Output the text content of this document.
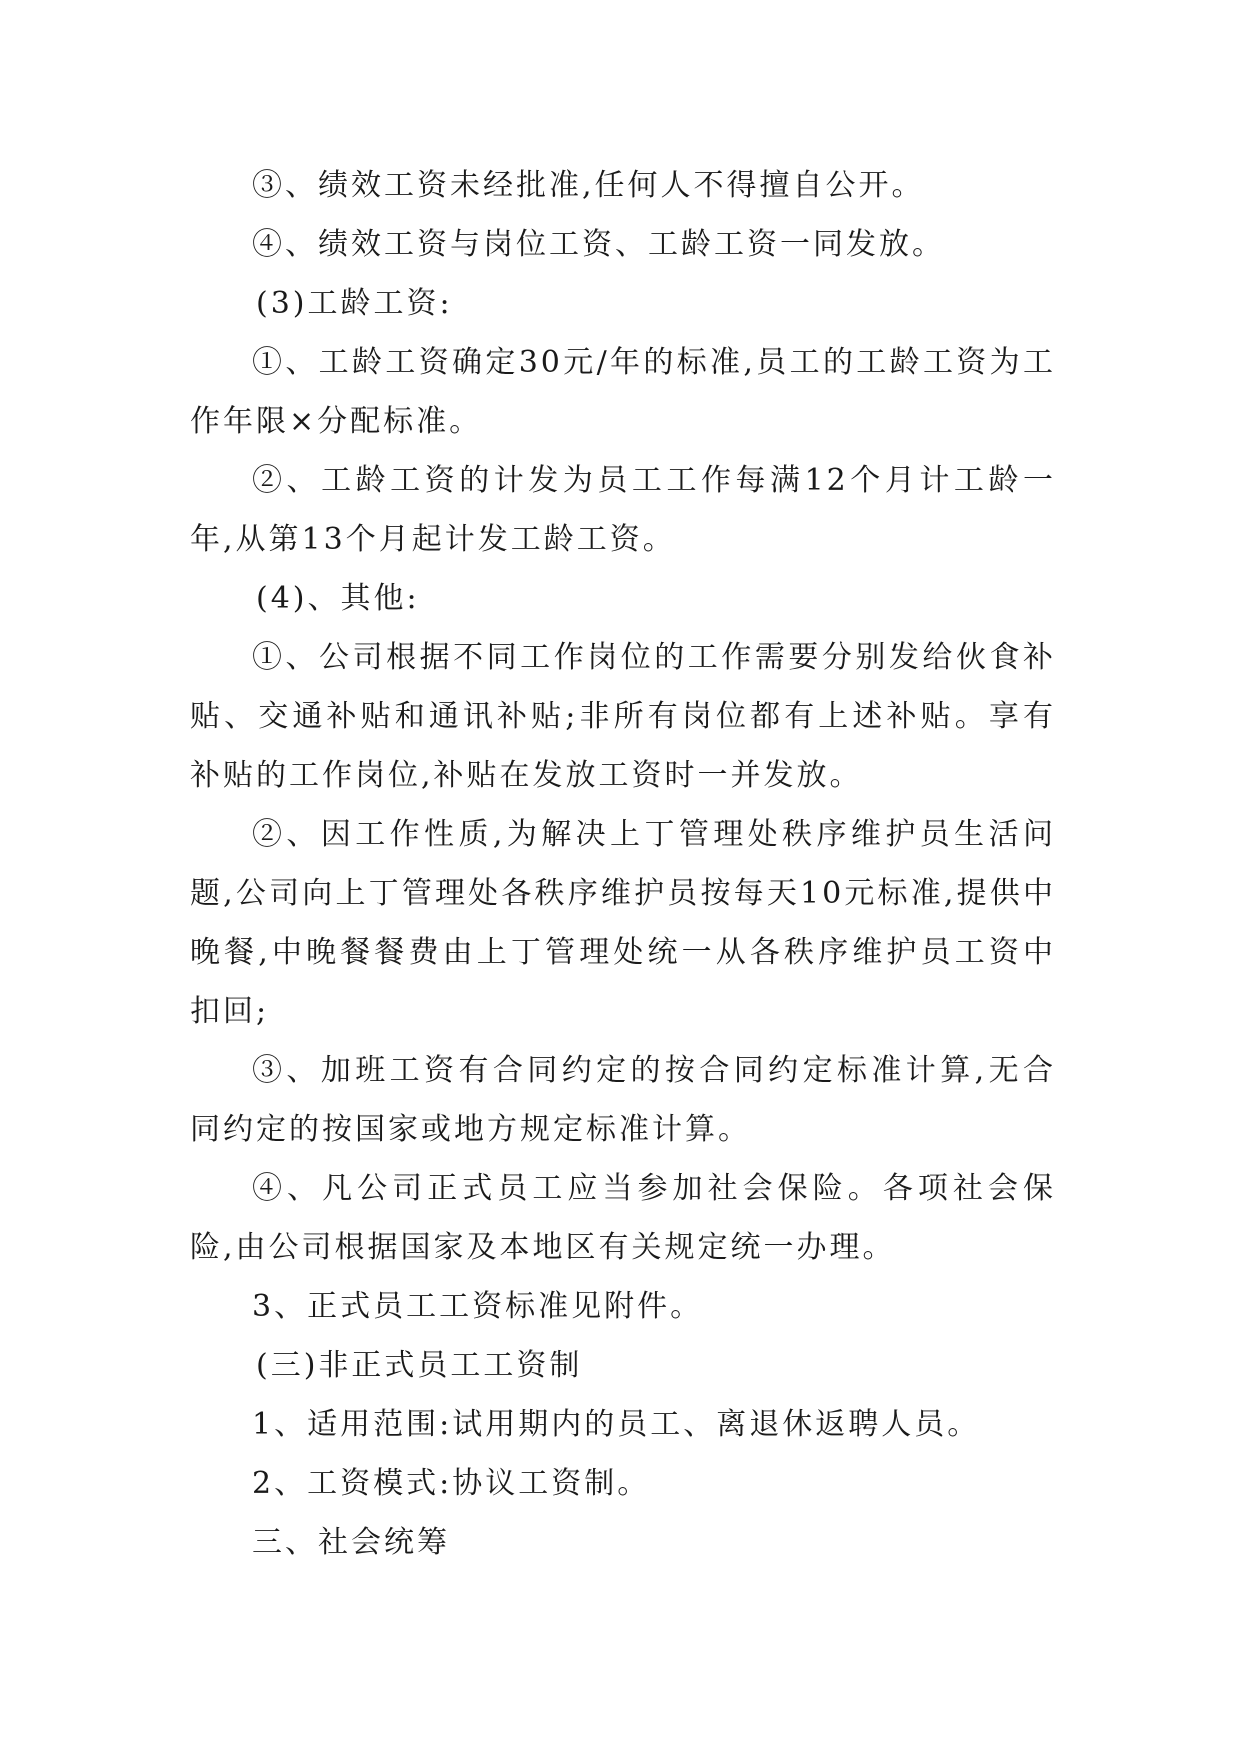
③、绩效工资未经批准,任何人不得擅自公开。

④、绩效工资与岗位工资、工龄工资一同发放。

(3)工龄工资:

①、工龄工资确定30元/年的标准,员工的工龄工资为工作年限×分配标准。

②、工龄工资的计发为员工工作每满12个月计工龄一年,从第13个月起计发工龄工资。

(4)、其他:

①、公司根据不同工作岗位的工作需要分别发给伙食补贴、交通补贴和通讯补贴;非所有岗位都有上述补贴。享有补贴的工作岗位,补贴在发放工资时一并发放。

②、因工作性质,为解决上丁管理处秩序维护员生活问题,公司向上丁管理处各秩序维护员按每天10元标准,提供中晚餐,中晚餐餐费由上丁管理处统一从各秩序维护员工资中扣回;

③、加班工资有合同约定的按合同约定标准计算,无合同约定的按国家或地方规定标准计算。

④、凡公司正式员工应当参加社会保险。各项社会保险,由公司根据国家及本地区有关规定统一办理。

3、正式员工工资标准见附件。

(三)非正式员工工资制

1、适用范围:试用期内的员工、离退休返聘人员。

2、工资模式:协议工资制。

三、社会统筹
